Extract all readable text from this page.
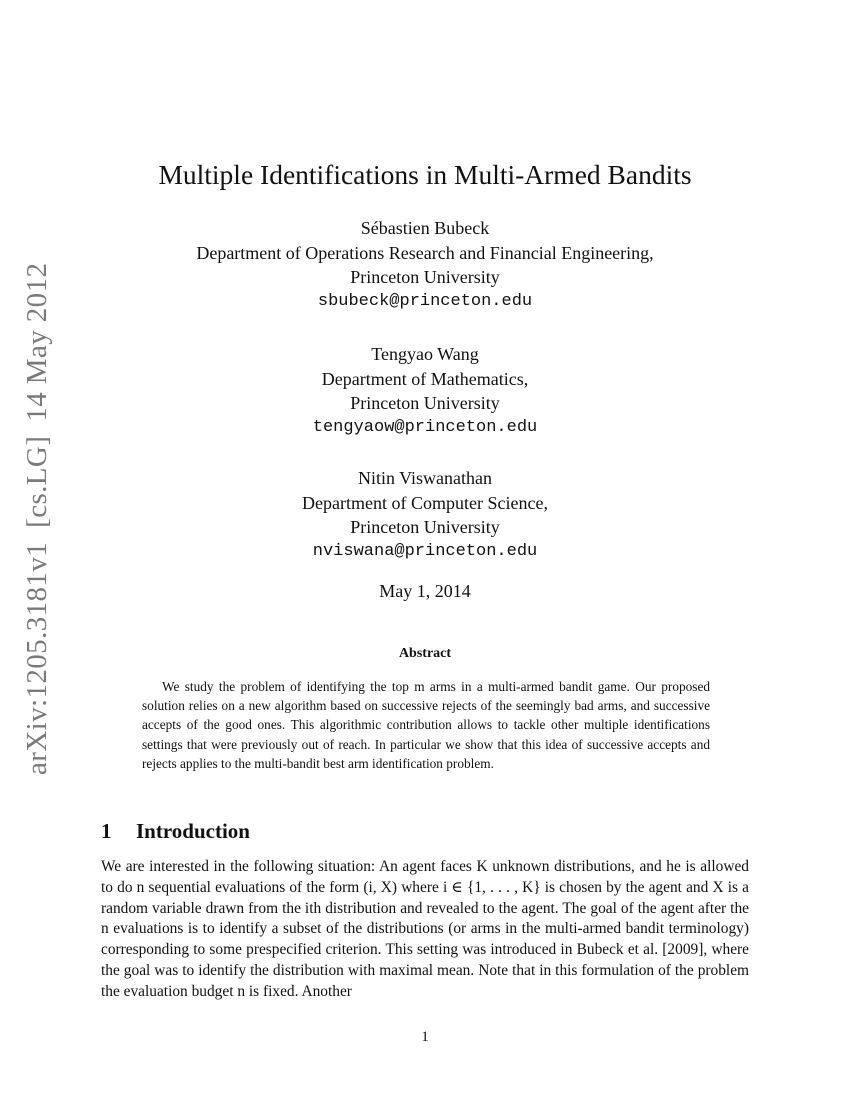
arXiv:1205.3181v1[cs.LG]14 May 2012
Multiple Identifications in Multi-Armed Bandits
Sébastien Bubeck
Department of Operations Research and Financial Engineering,
Princeton University
sbubeck@princeton.edu
Tengyao Wang
Department of Mathematics,
Princeton University
tengyaow@princeton.edu
Nitin Viswanathan
Department of Computer Science,
Princeton University
nviswana@princeton.edu
May 1, 2014
Abstract

We study the problem of identifying the top m arms in a multi-armed bandit game. Our proposed solution relies on a new algorithm based on successive rejects of the seemingly bad arms, and successive accepts of the good ones. This algorithmic contribution allows to tackle other multiple identifications settings that were previously out of reach. In particular we show that this idea of successive accepts and rejects applies to the multi-bandit best arm identification problem.

1 Introduction

We are interested in the following situation: An agent faces K unknown distributions, and he is allowed to do n sequential evaluations of the form (i, X) where i ∈ {1, . . . , K} is chosen by the agent and X is a random variable drawn from the ith distribution and revealed to the agent. The goal of the agent after the n evaluations is to identify a subset of the distributions (or arms in the multi-armed bandit terminology) corresponding to some prespecified criterion. This setting was introduced in Bubeck et al. [2009], where the goal was to identify the distribution with maximal mean. Note that in this formulation of the problem the evaluation budget n is fixed. Another

1
